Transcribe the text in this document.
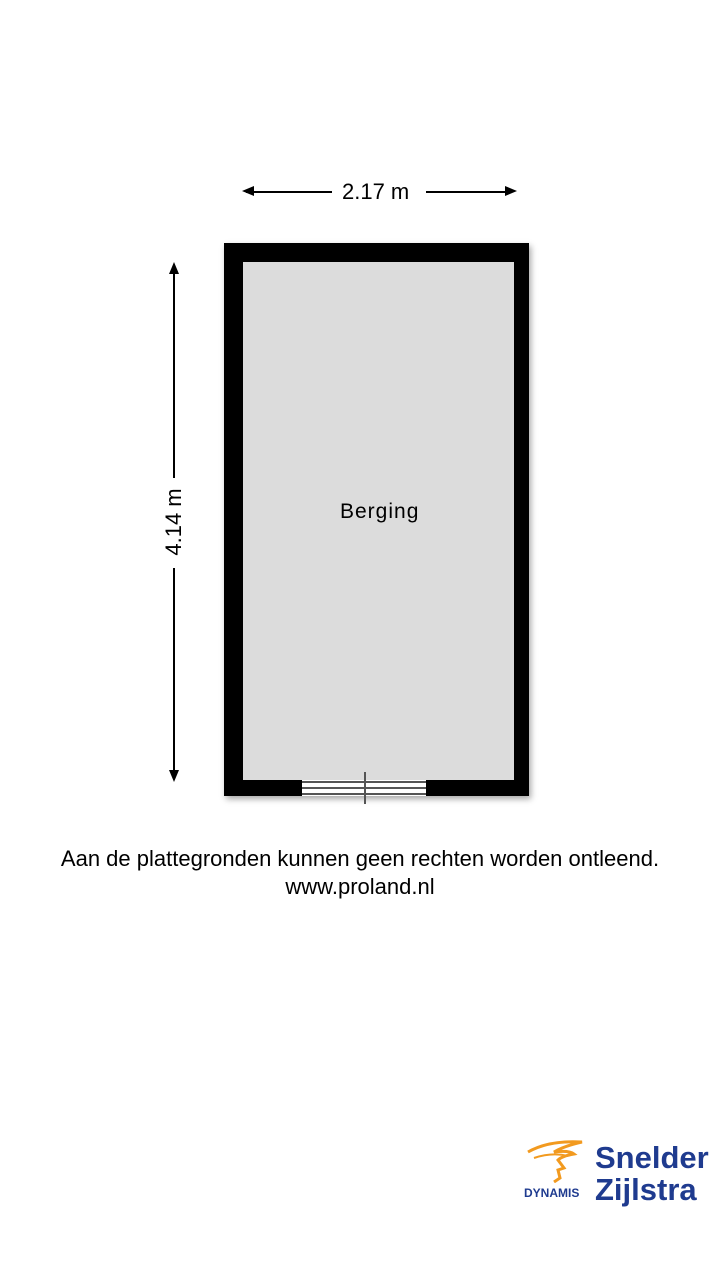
2.17 m
4.14 m	Berging
Aan de plattegronden kunnen geen rechten worden ontleend.
www.proland.nl
DYNAMIS
Snelder
Zijlstra
